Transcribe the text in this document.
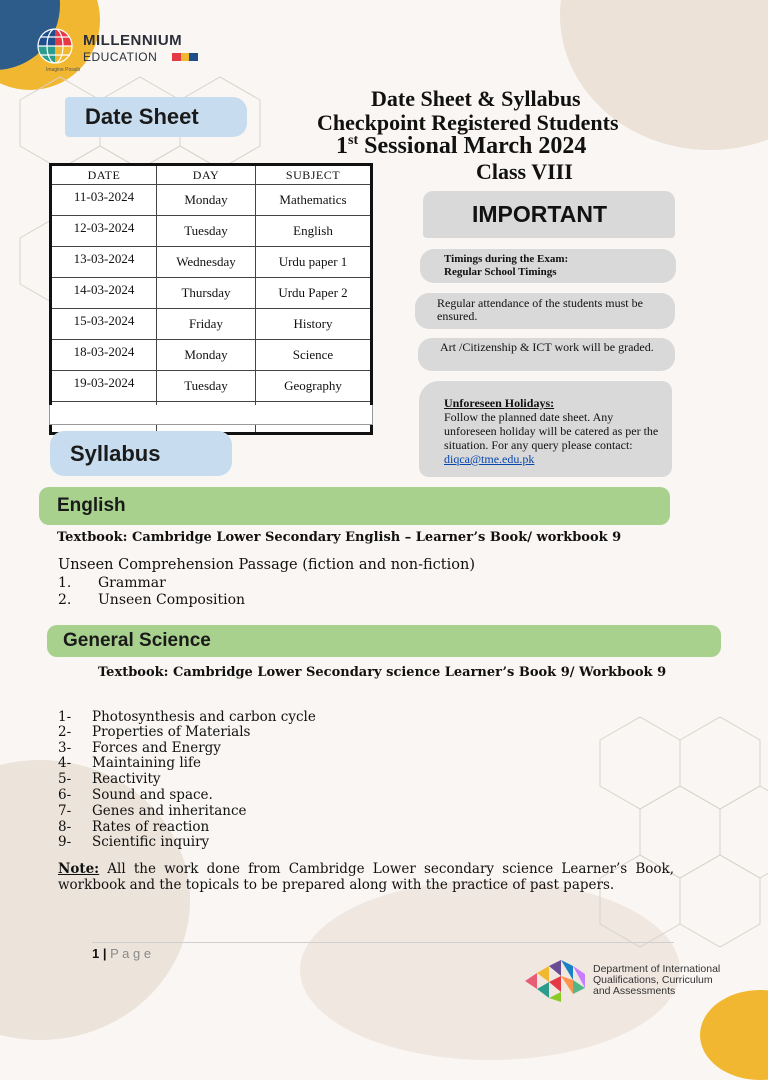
MILLENNIUM
EDUCATION
Imagine Possib
Date Sheet & Syllabus
Checkpoint Registered Students
1st Sessional March 2024
Class VIII
Date Sheet
DATE	DAY	SUBJECT
11-03-2024	Monday	Mathematics
12-03-2024	Tuesday	English
13-03-2024	Wednesday	Urdu paper 1
14-03-2024	Thursday	Urdu Paper 2
15-03-2024	Friday	History
18-03-2024	Monday	Science
19-03-2024	Tuesday	Geography

IMPORTANT
Timings during the Exam:
Regular School Timings
Regular attendance of the students must be ensured.
Art /Citizenship & ICT work will be graded.
Unforeseen Holidays:
Follow the planned date sheet. Any unforeseen holiday will be catered as per the situation. For any query please contact: diqca@tme.edu.pk
Syllabus
English
Textbook: Cambridge Lower Secondary English – Learner’s Book/ workbook 9
Unseen Comprehension Passage (fiction and non-fiction)
1. Grammar
2. Unseen Composition
General Science
Textbook: Cambridge Lower Secondary science Learner’s Book 9/ Workbook 9
1- Photosynthesis and carbon cycle
2- Properties of Materials
3- Forces and Energy
4- Maintaining life
5- Reactivity
6- Sound and space.
7- Genes and inheritance
8- Rates of reaction
9- Scientific inquiry
Note: All the work done from Cambridge Lower secondary science Learner’s Book, workbook and the topicals to be prepared along with the practice of past papers.
1 | P a g e
Department of International
Qualifications, Curriculum
and Assessments
